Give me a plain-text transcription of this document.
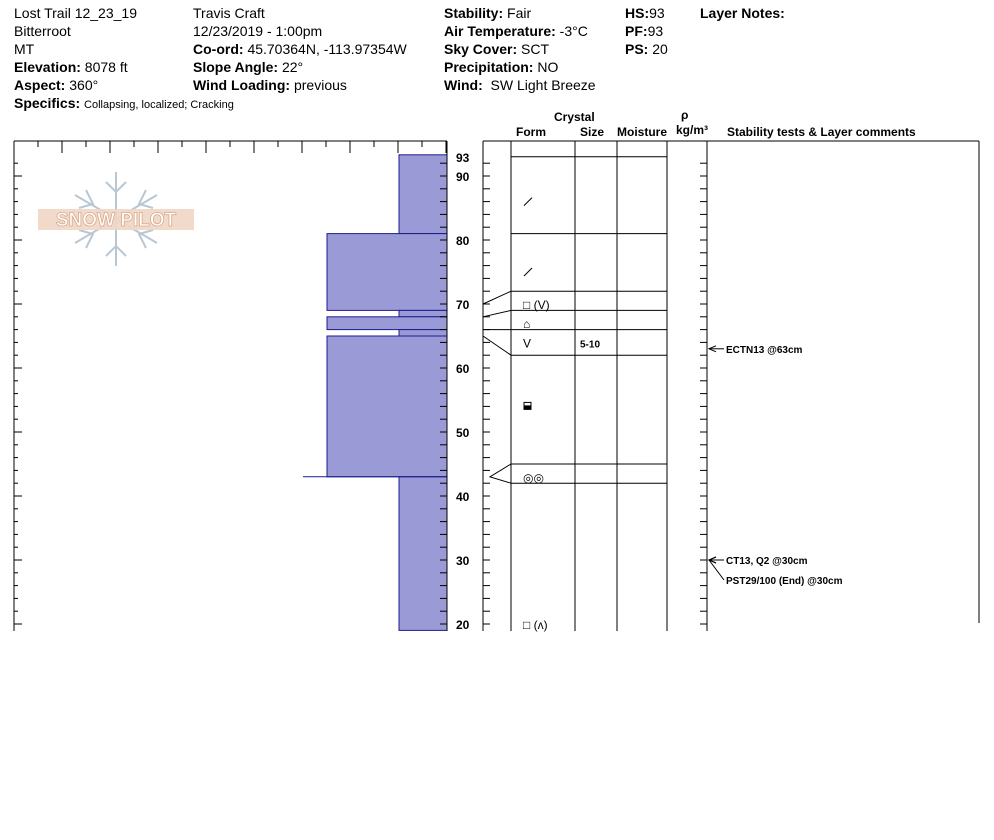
Lost Trail 12_23_19
Bitterroot
MT
Elevation: 8078 ft
Aspect: 360°
Specifics: Collapsing, localized; Cracking
Travis Craft
12/23/2019 - 1:00pm
Co-ord: 45.70364N, -113.97354W
Slope Angle: 22°
Wind Loading: previous
Stability: Fair
Air Temperature: -3°C
Sky Cover: SCT
Precipitation: NO
Wind: SW Light Breeze
HS:93
PF:93
PS: 20
Layer Notes:
Crystal
Form	Size Moisture
ρ
kg/m³ Stability tests & Layer comments
SNOW PILOT
20
30
40
50
60
70
80
90
93
□ (V)
⌂
V	5-10
◎◎
□ (ʌ)
ECTN13 @63cm
CT13, Q2 @30cm
PST29/100 (End) @30cm
